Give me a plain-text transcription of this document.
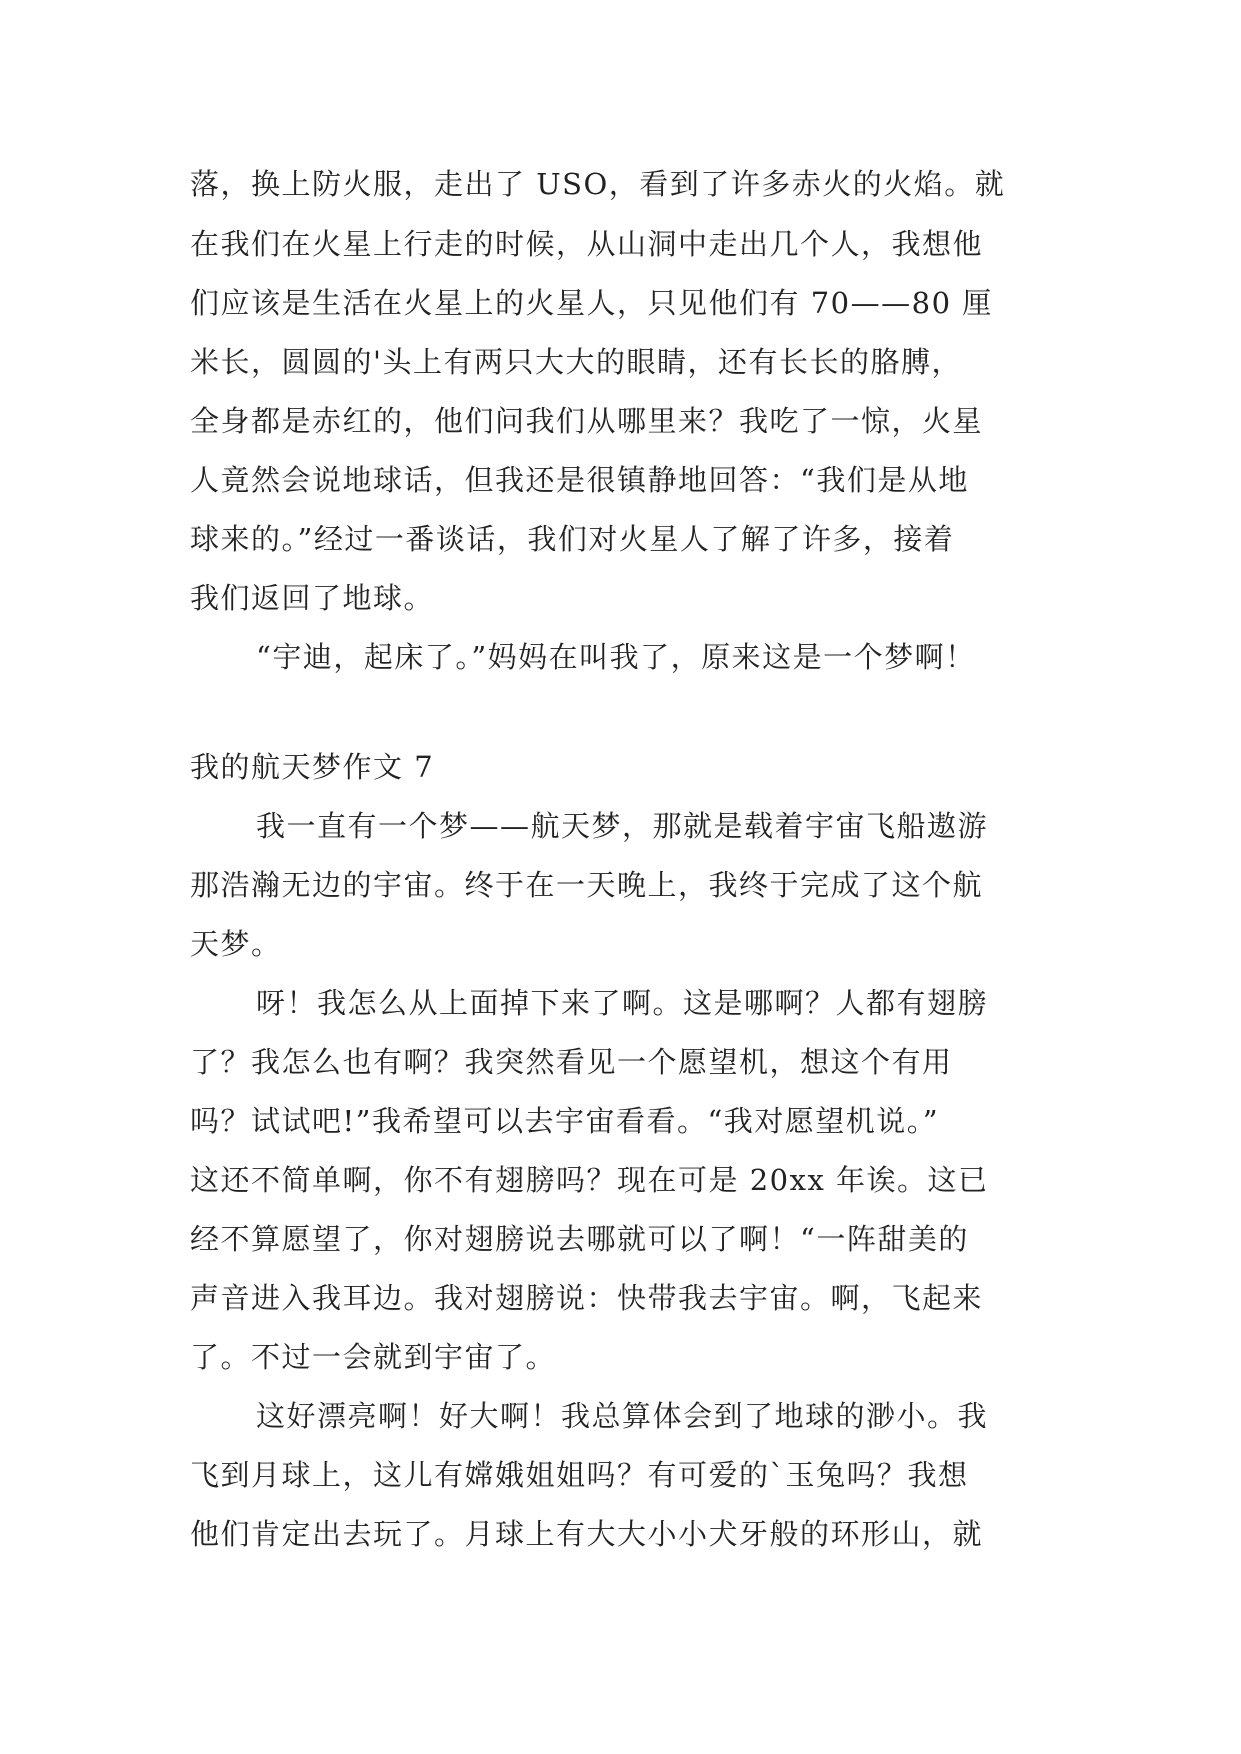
落，换上防火服，走出了 USO，看到了许多赤火的火焰。就
在我们在火星上行走的时候，从山洞中走出几个人，我想他
们应该是生活在火星上的火星人，只见他们有 70——80 厘
米长，圆圆的'头上有两只大大的眼睛，还有长长的胳膊，
全身都是赤红的，他们问我们从哪里来？我吃了一惊，火星
人竟然会说地球话，但我还是很镇静地回答：“我们是从地
球来的。”经过一番谈话，我们对火星人了解了许多，接着
我们返回了地球。
“宇迪，起床了。”妈妈在叫我了，原来这是一个梦啊！
我的航天梦作文 7
我一直有一个梦——航天梦，那就是载着宇宙飞船遨游
那浩瀚无边的宇宙。终于在一天晚上，我终于完成了这个航
天梦。
呀！我怎么从上面掉下来了啊。这是哪啊？人都有翅膀
了？我怎么也有啊？我突然看见一个愿望机，想这个有用
吗？试试吧!”我希望可以去宇宙看看。“我对愿望机说。”
这还不简单啊，你不有翅膀吗？现在可是 20xx 年诶。这已
经不算愿望了，你对翅膀说去哪就可以了啊！“一阵甜美的
声音进入我耳边。我对翅膀说：快带我去宇宙。啊，飞起来
了。不过一会就到宇宙了。
这好漂亮啊！好大啊！我总算体会到了地球的渺小。我
飞到月球上，这儿有嫦娥姐姐吗？有可爱的`玉兔吗？我想
他们肯定出去玩了。月球上有大大小小犬牙般的环形山，就
